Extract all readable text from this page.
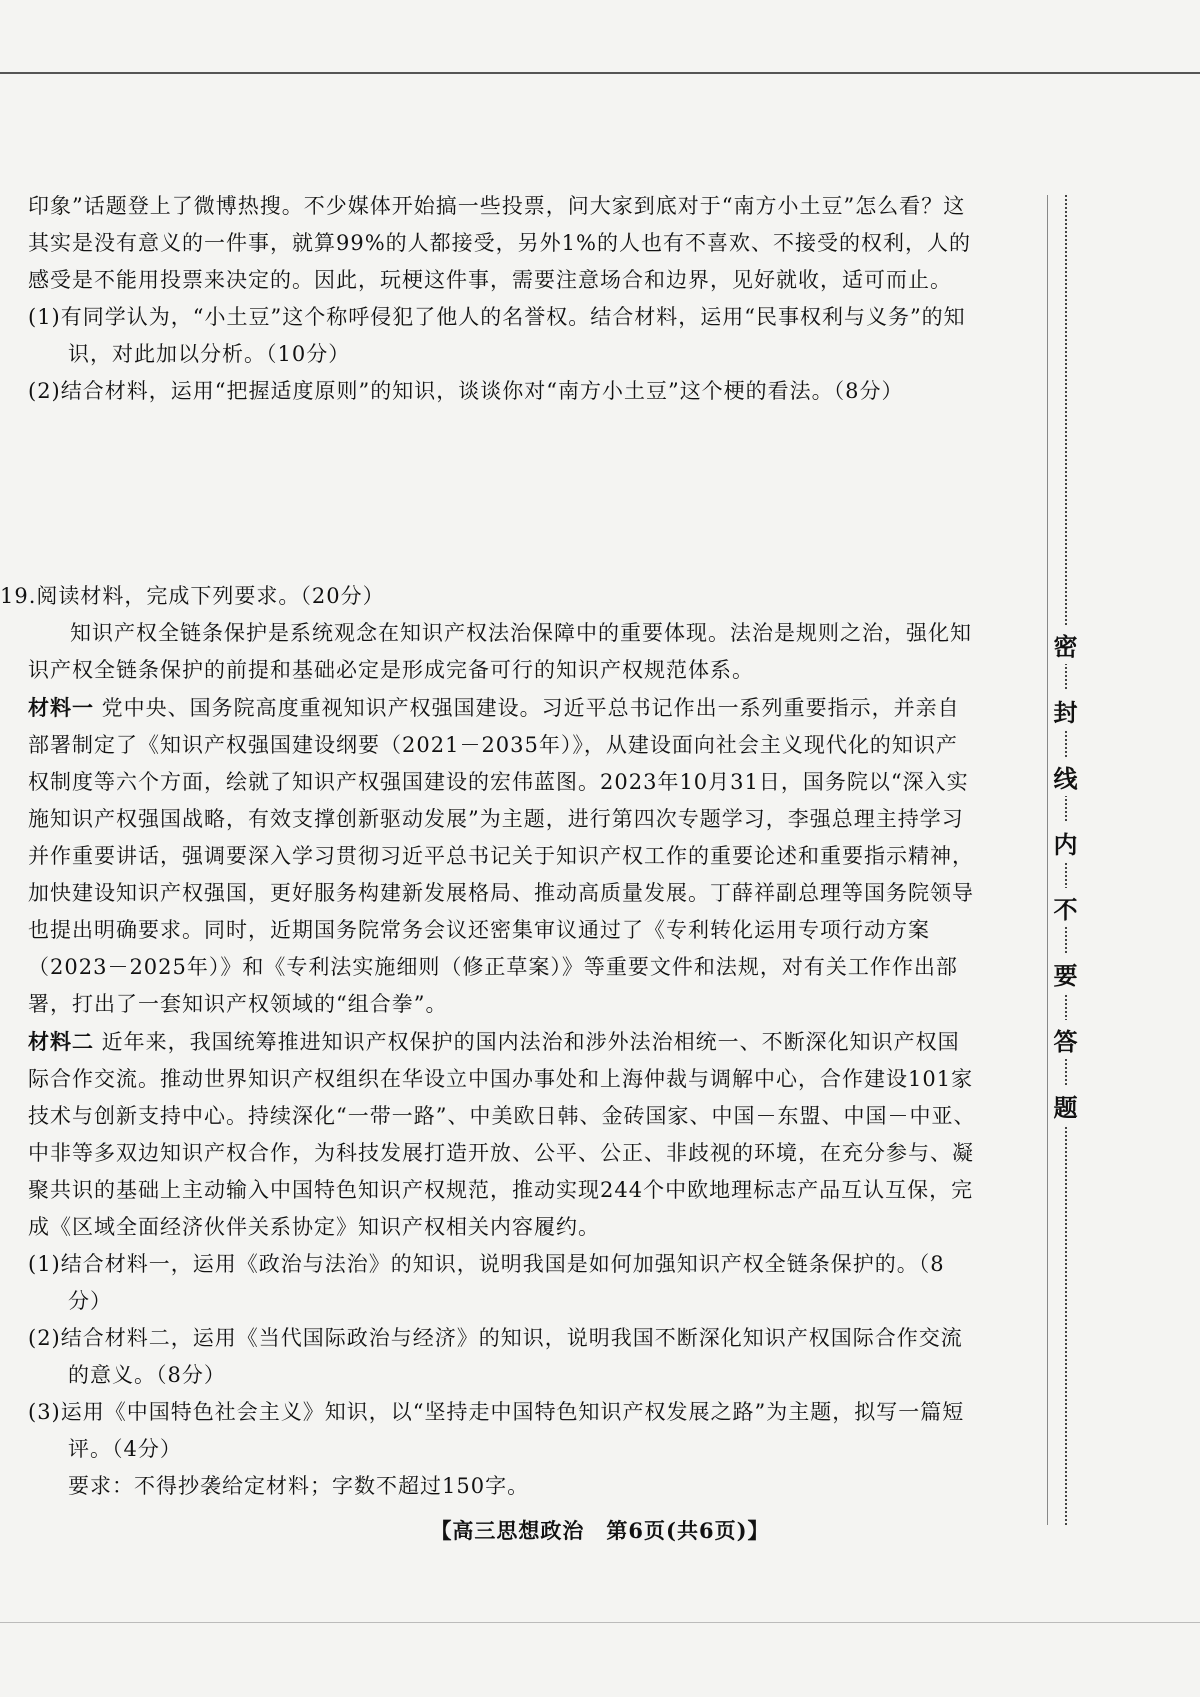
印象”话题登上了微博热搜。不少媒体开始搞一些投票，问大家到底对于“南方小土豆”怎么看？这其实是没有意义的一件事，就算99%的人都接受，另外1%的人也有不喜欢、不接受的权利，人的感受是不能用投票来决定的。因此，玩梗这件事，需要注意场合和边界，见好就收，适可而止。

(1)有同学认为，“小土豆”这个称呼侵犯了他人的名誉权。结合材料，运用“民事权利与义务”的知识，对此加以分析。（10分）

(2)结合材料，运用“把握适度原则”的知识，谈谈你对“南方小土豆”这个梗的看法。（8分）

19.阅读材料，完成下列要求。（20分）

知识产权全链条保护是系统观念在知识产权法治保障中的重要体现。法治是规则之治，强化知识产权全链条保护的前提和基础必定是形成完备可行的知识产权规范体系。

材料一 党中央、国务院高度重视知识产权强国建设。习近平总书记作出一系列重要指示，并亲自部署制定了《知识产权强国建设纲要（2021－2035年）》，从建设面向社会主义现代化的知识产权制度等六个方面，绘就了知识产权强国建设的宏伟蓝图。2023年10月31日，国务院以“深入实施知识产权强国战略，有效支撑创新驱动发展”为主题，进行第四次专题学习，李强总理主持学习并作重要讲话，强调要深入学习贯彻习近平总书记关于知识产权工作的重要论述和重要指示精神，加快建设知识产权强国，更好服务构建新发展格局、推动高质量发展。丁薛祥副总理等国务院领导也提出明确要求。同时，近期国务院常务会议还密集审议通过了《专利转化运用专项行动方案（2023－2025年）》和《专利法实施细则（修正草案）》等重要文件和法规，对有关工作作出部署，打出了一套知识产权领域的“组合拳”。

材料二 近年来，我国统筹推进知识产权保护的国内法治和涉外法治相统一、不断深化知识产权国际合作交流。推动世界知识产权组织在华设立中国办事处和上海仲裁与调解中心，合作建设101家技术与创新支持中心。持续深化“一带一路”、中美欧日韩、金砖国家、中国－东盟、中国－中亚、中非等多双边知识产权合作，为科技发展打造开放、公平、公正、非歧视的环境，在充分参与、凝聚共识的基础上主动输入中国特色知识产权规范，推动实现244个中欧地理标志产品互认互保，完成《区域全面经济伙伴关系协定》知识产权相关内容履约。

(1)结合材料一，运用《政治与法治》的知识，说明我国是如何加强知识产权全链条保护的。（8分）

(2)结合材料二，运用《当代国际政治与经济》的知识，说明我国不断深化知识产权国际合作交流的意义。（8分）

(3)运用《中国特色社会主义》知识，以“坚持走中国特色知识产权发展之路”为主题，拟写一篇短评。（4分）

要求：不得抄袭给定材料；字数不超过150字。

密
封
线
内
不
要
答
题
【高三思想政治　第6页(共6页)】
